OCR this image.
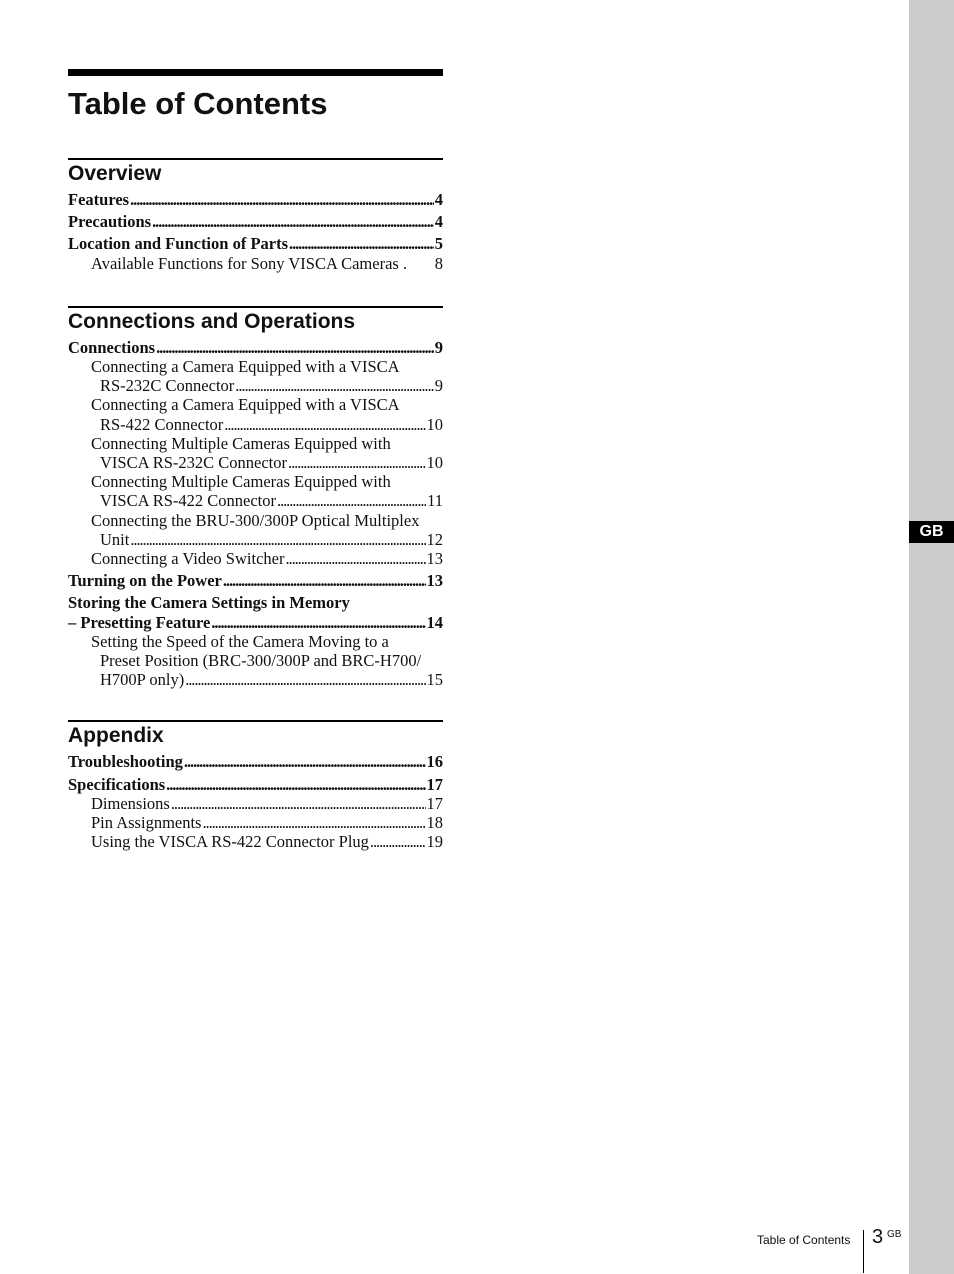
GB
Table of Contents
Overview
Features . . .	4
Precautions . . .	4
Location and Function of Parts . . .	5
Available Functions for Sony VISCA Cameras . 8
Connections and Operations
Connections . . .	9
Connecting a Camera Equipped with a VISCA
RS-232C Connector . . .	9
Connecting a Camera Equipped with a VISCA
RS-422 Connector . . .	10
Connecting Multiple Cameras Equipped with
VISCA RS-232C Connector . . .	10
Connecting Multiple Cameras Equipped with
VISCA RS-422 Connector . . .	11
Connecting the BRU-300/300P Optical Multiplex
Unit . . .	12
Connecting a Video Switcher . . .	13
Turning on the Power . . .	13
Storing the Camera Settings in Memory
– Presetting Feature . . .	14
Setting the Speed of the Camera Moving to a
Preset Position (BRC-300/300P and BRC-H700/
H700P only) . . .	15
Appendix
Troubleshooting . . .	16
Specifications . . .	17
Dimensions . . .	17
Pin Assignments . . .	18
Using the VISCA RS-422 Connector Plug . . .	19
Table of Contents 3 GB
